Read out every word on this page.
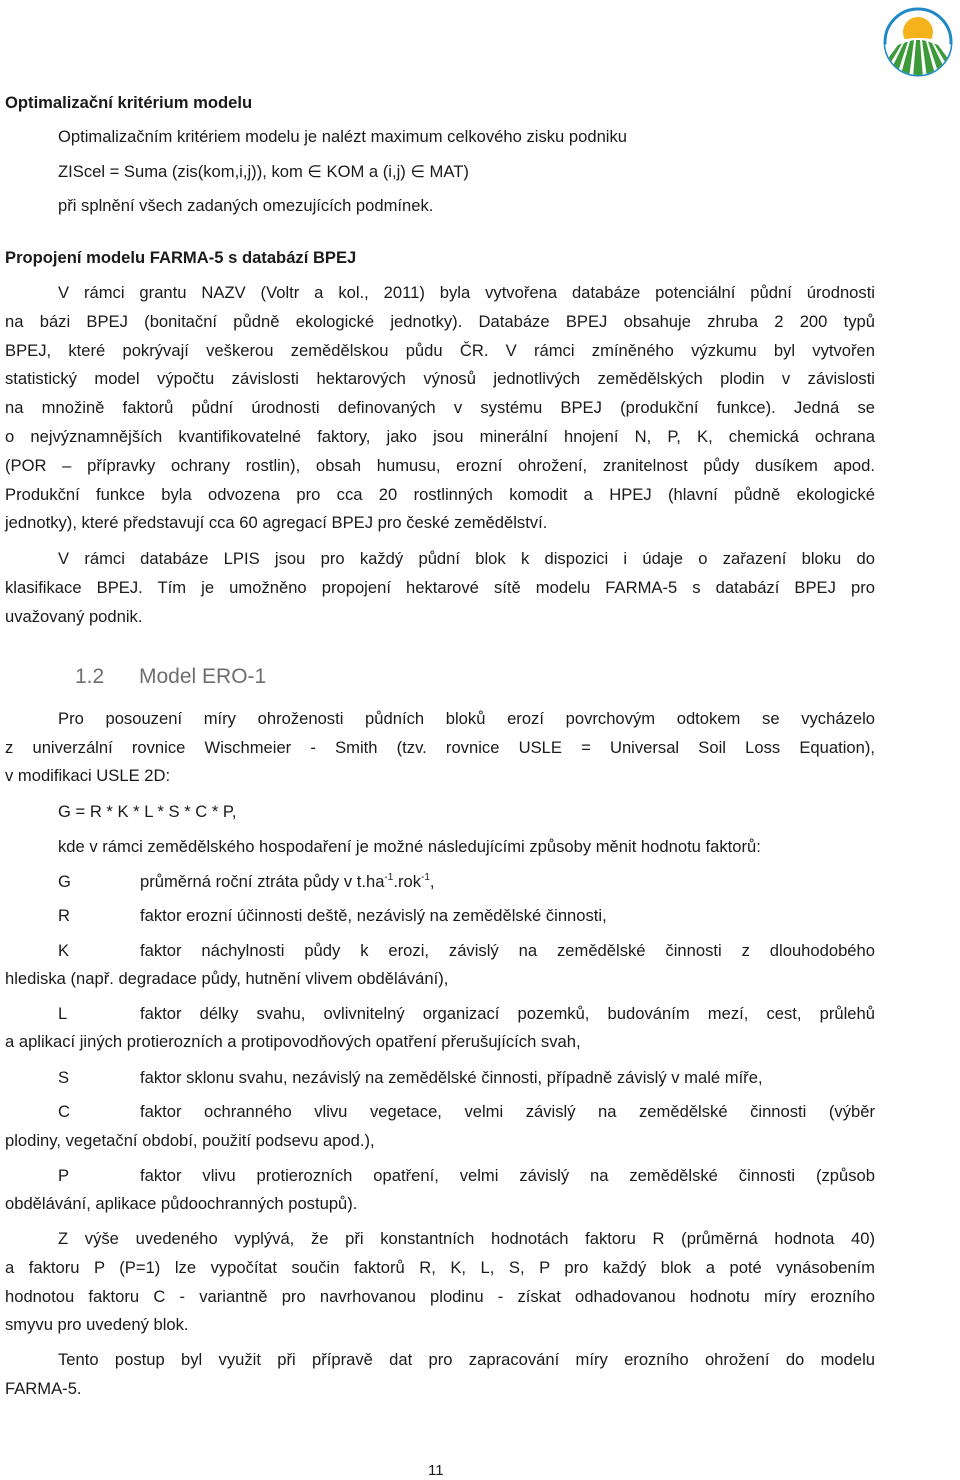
Optimalizační kritérium modelu
Optimalizačním kritériem modelu je nalézt maximum celkového zisku podniku
ZIScel = Suma (zis(kom,i,j)), kom ∈ KOM a (i,j) ∈ MAT)
při splnění všech zadaných omezujících podmínek.
Propojení modelu FARMA-5 s databází BPEJ
V rámci grantu NAZV (Voltr a kol., 2011) byla vytvořena databáze potenciální půdní úrodnosti
na bázi BPEJ (bonitační půdně ekologické jednotky). Databáze BPEJ obsahuje zhruba 2 200 typů
BPEJ, které pokrývají veškerou zemědělskou půdu ČR. V rámci zmíněného výzkumu byl vytvořen
statistický model výpočtu závislosti hektarových výnosů jednotlivých zemědělských plodin v závislosti
na množině faktorů půdní úrodnosti definovaných v systému BPEJ (produkční funkce). Jedná se
o nejvýznamnějších kvantifikovatelné faktory, jako jsou minerální hnojení N, P, K, chemická ochrana
(POR – přípravky ochrany rostlin), obsah humusu, erozní ohrožení, zranitelnost půdy dusíkem apod.
Produkční funkce byla odvozena pro cca 20 rostlinných komodit a HPEJ (hlavní půdně ekologické
jednotky), které představují cca 60 agregací BPEJ pro české zemědělství.
V rámci databáze LPIS jsou pro každý půdní blok k dispozici i údaje o zařazení bloku do
klasifikace BPEJ. Tím je umožněno propojení hektarové sítě modelu FARMA-5 s databází BPEJ pro
uvažovaný podnik.
1.2 Model ERO-1
Pro posouzení míry ohroženosti půdních bloků erozí povrchovým odtokem se vycházelo
z univerzální rovnice Wischmeier - Smith (tzv. rovnice USLE = Universal Soil Loss Equation),
v modifikaci USLE 2D:
G = R * K * L * S * C * P,
kde v rámci zemědělského hospodaření je možné následujícími způsoby měnit hodnotu faktorů:
G	průměrná roční ztráta půdy v $t.ha^{-1}.rok^{-1}$,
R	faktor erozní účinnosti deště, nezávislý na zemědělské činnosti,
K	faktor náchylnosti půdy k erozi, závislý na zemědělské činnosti z dlouhodobého
hlediska (např. degradace půdy, hutnění vlivem obdělávání),
L	faktor délky svahu, ovlivnitelný organizací pozemků, budováním mezí, cest, průlehů
a aplikací jiných protierozních a protipovodňových opatření přerušujících svah,
S	faktor sklonu svahu, nezávislý na zemědělské činnosti, případně závislý v malé míře,
C	faktor ochranného vlivu vegetace, velmi závislý na zemědělské činnosti (výběr
plodiny, vegetační období, použití podsevu apod.),
P	faktor vlivu protierozních opatření, velmi závislý na zemědělské činnosti (způsob
obdělávání, aplikace půdoochranných postupů).
Z výše uvedeného vyplývá, že při konstantních hodnotách faktoru R (průměrná hodnota 40)
a faktoru P (P=1) lze vypočítat součin faktorů R, K, L, S, P pro každý blok a poté vynásobením
hodnotou faktoru C - variantně pro navrhovanou plodinu - získat odhadovanou hodnotu míry erozního
smyvu pro uvedený blok.
Tento postup byl využit při přípravě dat pro zapracování míry erozního ohrožení do modelu
FARMA-5.
11
